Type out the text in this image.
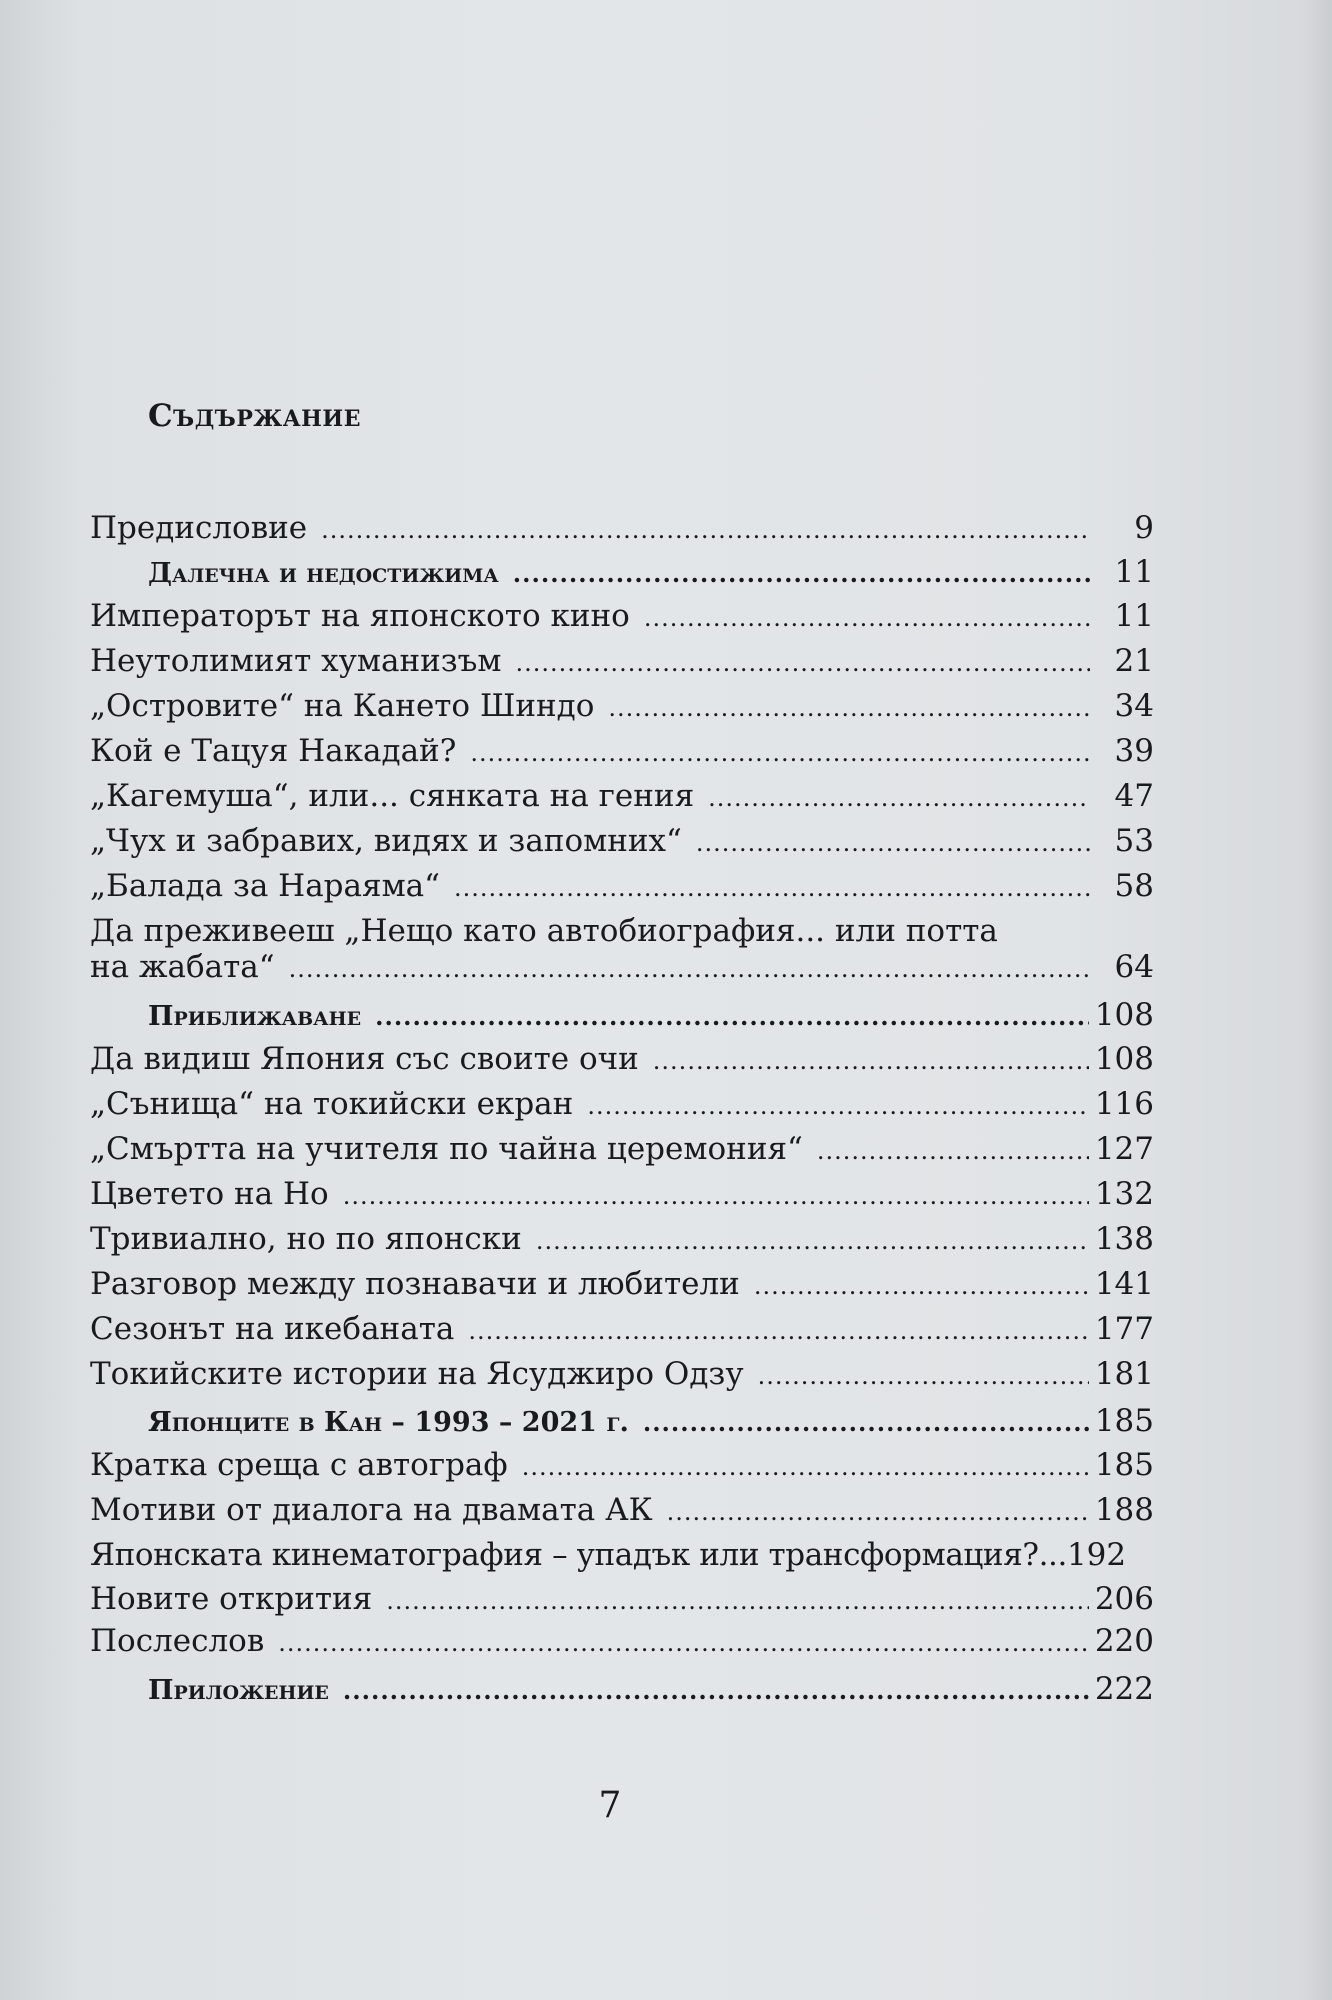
Съдържание
Предисловие .....	9
Далечна и недостижима .....	11
Императорът на японското кино .....	11
Неутолимият хуманизъм .....	21
„Островите“ на Кането Шиндо .....	34
Кой е Тацуя Накадай? .....	39
„Кагемуша“, или... сянката на гения .....	47
„Чух и забравих, видях и запомних“ .....	53
„Балада за Нараяма“ .....	58
Да преживееш „Нещо като автобиография... или потта
на жабата“ .....	64
Приближаване .....	108
Да видиш Япония със своите очи .....	108
„Сънища“ на токийски екран .....	116
„Смъртта на учителя по чайна церемония“ .....	127
Цветето на Но .....	132
Тривиално, но по японски .....	138
Разговор между познавачи и любители .....	141
Сезонът на икебаната .....	177
Токийските истории на Ясуджиро Одзу .....	181
Японците в Кан – 1993 – 2021 г. .....	185
Кратка среща с автограф .....	185
Мотиви от диалога на двамата АК .....	188
Японската кинематография – упадък или трансформация?... 192
Новите открития .....	206
Послеслов .....	220
Приложение .....	222
7
